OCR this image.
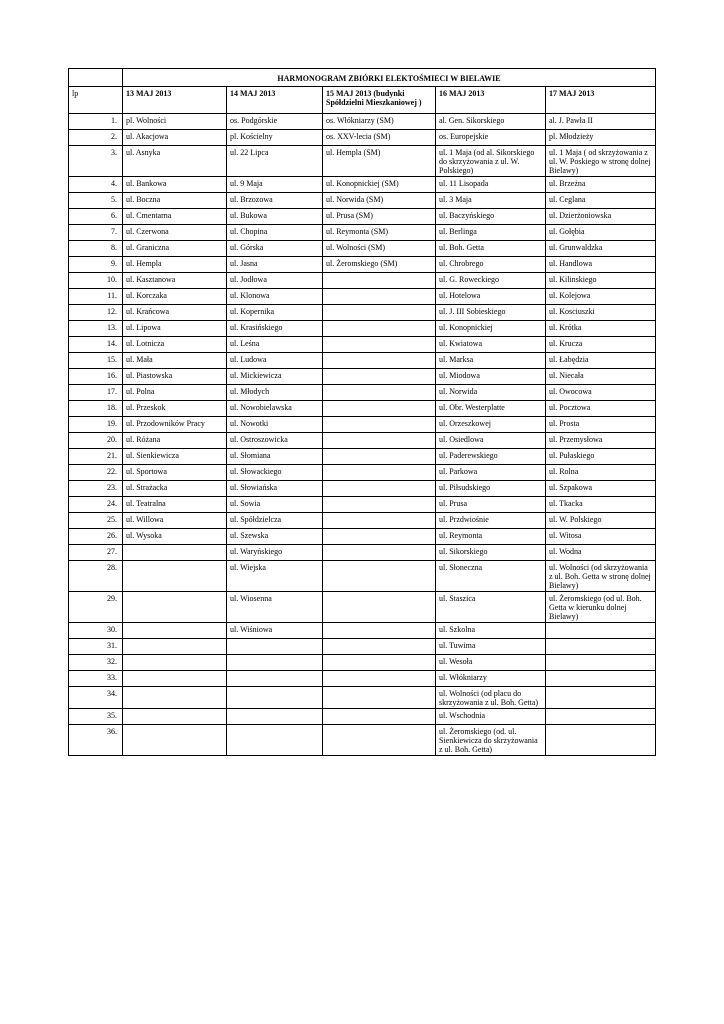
	HARMONOGRAM ZBIÓRKI ELEKTOŚMIECI W BIELAWIE				
lp	13 MAJ 2013	14 MAJ 2013	15 MAJ 2013 (budynki Spółdzielni Mieszkaniowej )	16 MAJ 2013	17 MAJ 2013
1.	pl. Wolności	os. Podgórskie	os. Włókniarzy (SM)	al. Gen. Sikorskiego	al. J. Pawła II
2.	ul. Akacjowa	pl. Kościelny	os. XXV-lecia (SM)	os. Europejskie	pl. Młodzieży
3.	ul. Asnyka	ul. 22 Lipca	ul. Hempla (SM)	ul. 1 Maja (od al. Sikorskiego do skrzyżowania z ul. W. Polskiego)	ul. 1 Maja ( od skrzyżowania z ul. W. Poskiego w stronę dolnej Bielawy)
4.	ul. Bankowa	ul. 9 Maja	ul. Konopnickiej (SM)	ul. 11 Lisopada	ul. Brzeżna
5.	ul. Boczna	ul. Brzozowa	ul. Norwida (SM)	ul. 3 Maja	ul. Ceglana
6.	ul. Cmentarna	ul. Bukowa	ul. Prusa (SM)	ul. Baczyńskiego	ul. Dzierżoniowska
7.	ul. Czerwona	ul. Chopina	ul. Reymonta (SM)	ul. Berlinga	ul. Gołębia
8.	ul. Graniczna	ul. Górska	ul. Wolności (SM)	ul. Boh. Getta	ul. Grunwaldzka
9.	ul. Hempla	ul. Jasna	ul. Żeromskiego (SM)	ul. Chrobrego	ul. Handlowa
10.	ul. Kasztanowa	ul. Jodłowa		ul. G. Roweckiego	ul. Kilinskiego
11.	ul. Korczaka	ul. Klonowa		ul. Hotelowa	ul. Kolejowa
12.	ul. Krańcowa	ul. Kopernika		ul. J. III Sobieskiego	ul. Kosciuszki
13.	ul. Lipowa	ul. Krasińskiego		ul. Konopnickiej	ul. Krótka
14.	ul. Lotnicza	ul. Leśna		ul. Kwiatowa	ul. Krucza
15.	ul. Mała	ul. Ludowa		ul. Marksa	ul. Łabędzia
16.	ul. Piastowska	ul. Mickiewicza		ul. Miodowa	ul. Niecała
17.	ul. Polna	ul. Młodych		ul. Norwida	ul. Owocowa
18.	ul. Przeskok	ul. Nowobielawska		ul. Obr. Westerplatte	ul. Pocztowa
19.	ul. Przodowników Pracy	ul. Nowotki		ul. Orzeszkowej	ul. Prosta
20.	ul. Różana	ul. Ostroszowicka		ul. Osiedlowa	ul. Przemysłowa
21.	ul. Sienkiewicza	ul. Słomiana		ul. Paderewskiego	ul. Pułaskiego
22.	ul. Sportowa	ul. Słowackiego		ul. Parkowa	ul. Rolna
23.	ul. Strażacka	ul. Słowiańska		ul. Piłsudskiego	ul. Szpakowa
24.	ul. Teatralna	ul. Sowia		ul. Prusa	ul. Tkacka
25.	ul. Willowa	ul. Spółdzielcza		ul. Przdwiośnie	ul. W. Polskiego
26.	ul. Wysoka	ul. Szewska		ul. Reymonta	ul. Witosa
27.		ul. Waryńskiego		ul. Sikorskiego	ul. Wodna
28.		ul. Wiejska		ul. Słoneczna	ul. Wolności (od skrzyżowania z ul. Boh. Getta w stronę dolnej Bielawy)
29.		ul. Wiosenna		ul. Staszica	ul. Żeromskiego (od ul. Boh. Getta w kierunku dolnej Bielawy)
30.		ul. Wiśniowa		ul. Szkolna	
31.				ul. Tuwima	
32.				ul. Wesoła	
33.				ul. Włókniarzy	
34.				ul. Wolności (od placu do skrzyżowania z ul. Boh. Getta)	
35.				ul. Wschodnia	
36.				ul. Żeromskiego (od. ul. Sienkiewicza do skrzyżowania z ul. Boh. Getta)	
